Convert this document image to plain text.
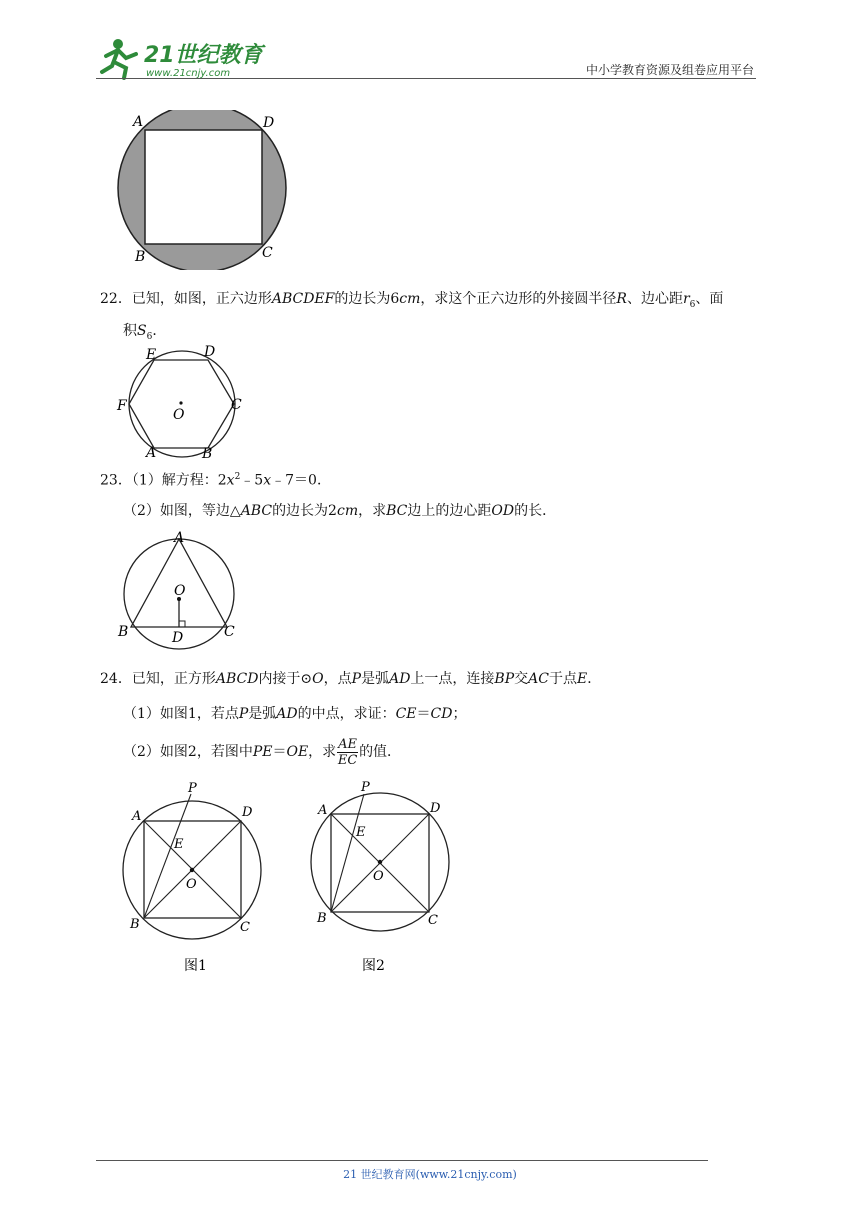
21世纪教育
www.21cnjy.com	中小学教育资源及组卷应用平台
A	D
B	C
22．已知，如图，正六边形ABCDEF的边长为6cm，求这个正六边形的外接圆半径R、边心距$r_6$、面
积$S_6$．
E	D
F	C
A	B
O
23．（1）解方程：$2x^2﹣5x﹣7=0$．
（2）如图，等边△ABC的边长为2cm，求BC边上的边心距OD的长．
A
O
B	D	C
24．已知，正方形ABCD内接于⊙O，点P是弧AD上一点，连接BP交AC于点E．
（1）如图1，若点P是弧AD的中点，求证：CE＝CD；
（2）如图2，若图中PE＝OE，求 $\frac{AE}{EC}$ 的值．
A
P
D
E
O
B	C
图1
A
P
D
E
O
B	C
图2
21 世纪教育网(www.21cnjy.com)
